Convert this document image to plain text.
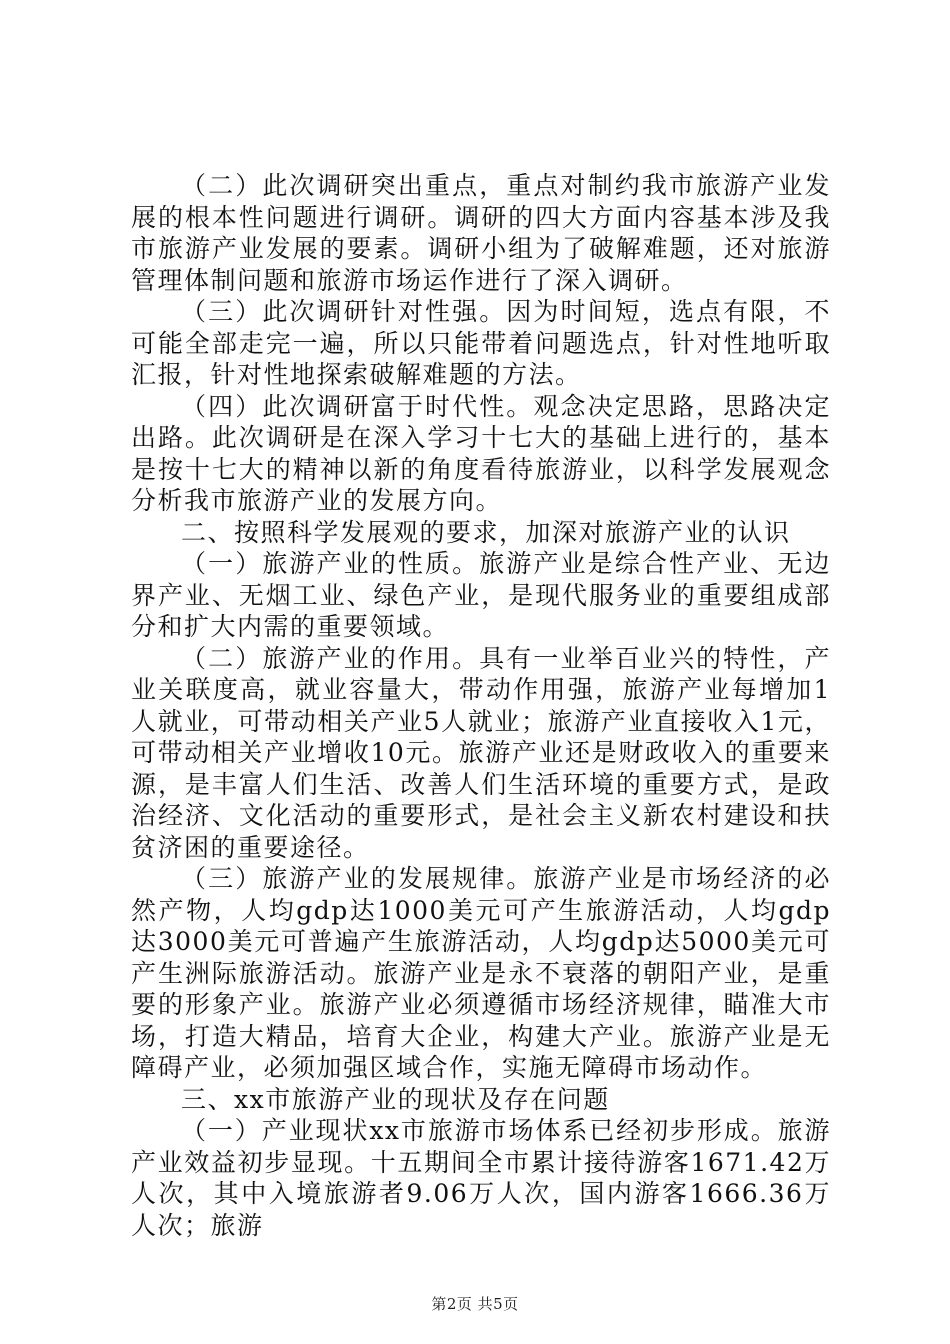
（二）此次调研突出重点，重点对制约我市旅游产业发展的根本性问题进行调研。调研的四大方面内容基本涉及我市旅游产业发展的要素。调研小组为了破解难题，还对旅游管理体制问题和旅游市场运作进行了深入调研。

（三）此次调研针对性强。因为时间短，选点有限，不可能全部走完一遍，所以只能带着问题选点，针对性地听取汇报，针对性地探索破解难题的方法。

（四）此次调研富于时代性。观念决定思路，思路决定出路。此次调研是在深入学习十七大的基础上进行的，基本是按十七大的精神以新的角度看待旅游业，以科学发展观念分析我市旅游产业的发展方向。

二、按照科学发展观的要求，加深对旅游产业的认识

（一）旅游产业的性质。旅游产业是综合性产业、无边界产业、无烟工业、绿色产业，是现代服务业的重要组成部分和扩大内需的重要领域。

（二）旅游产业的作用。具有一业举百业兴的特性，产业关联度高，就业容量大，带动作用强，旅游产业每增加1人就业，可带动相关产业5人就业；旅游产业直接收入1元，可带动相关产业增收10元。旅游产业还是财政收入的重要来源，是丰富人们生活、改善人们生活环境的重要方式，是政治经济、文化活动的重要形式，是社会主义新农村建设和扶贫济困的重要途径。

（三）旅游产业的发展规律。旅游产业是市场经济的必然产物，人均gdp达1000美元可产生旅游活动，人均gdp达3000美元可普遍产生旅游活动，人均gdp达5000美元可产生洲际旅游活动。旅游产业是永不衰落的朝阳产业，是重要的形象产业。旅游产业必须遵循市场经济规律，瞄准大市场，打造大精品，培育大企业，构建大产业。旅游产业是无障碍产业，必须加强区域合作，实施无障碍市场动作。

三、xx市旅游产业的现状及存在问题

（一）产业现状xx市旅游市场体系已经初步形成。旅游产业效益初步显现。十五期间全市累计接待游客1671.42万人次，其中入境旅游者9.06万人次，国内游客1666.36万人次；旅游

第2页 共5页
